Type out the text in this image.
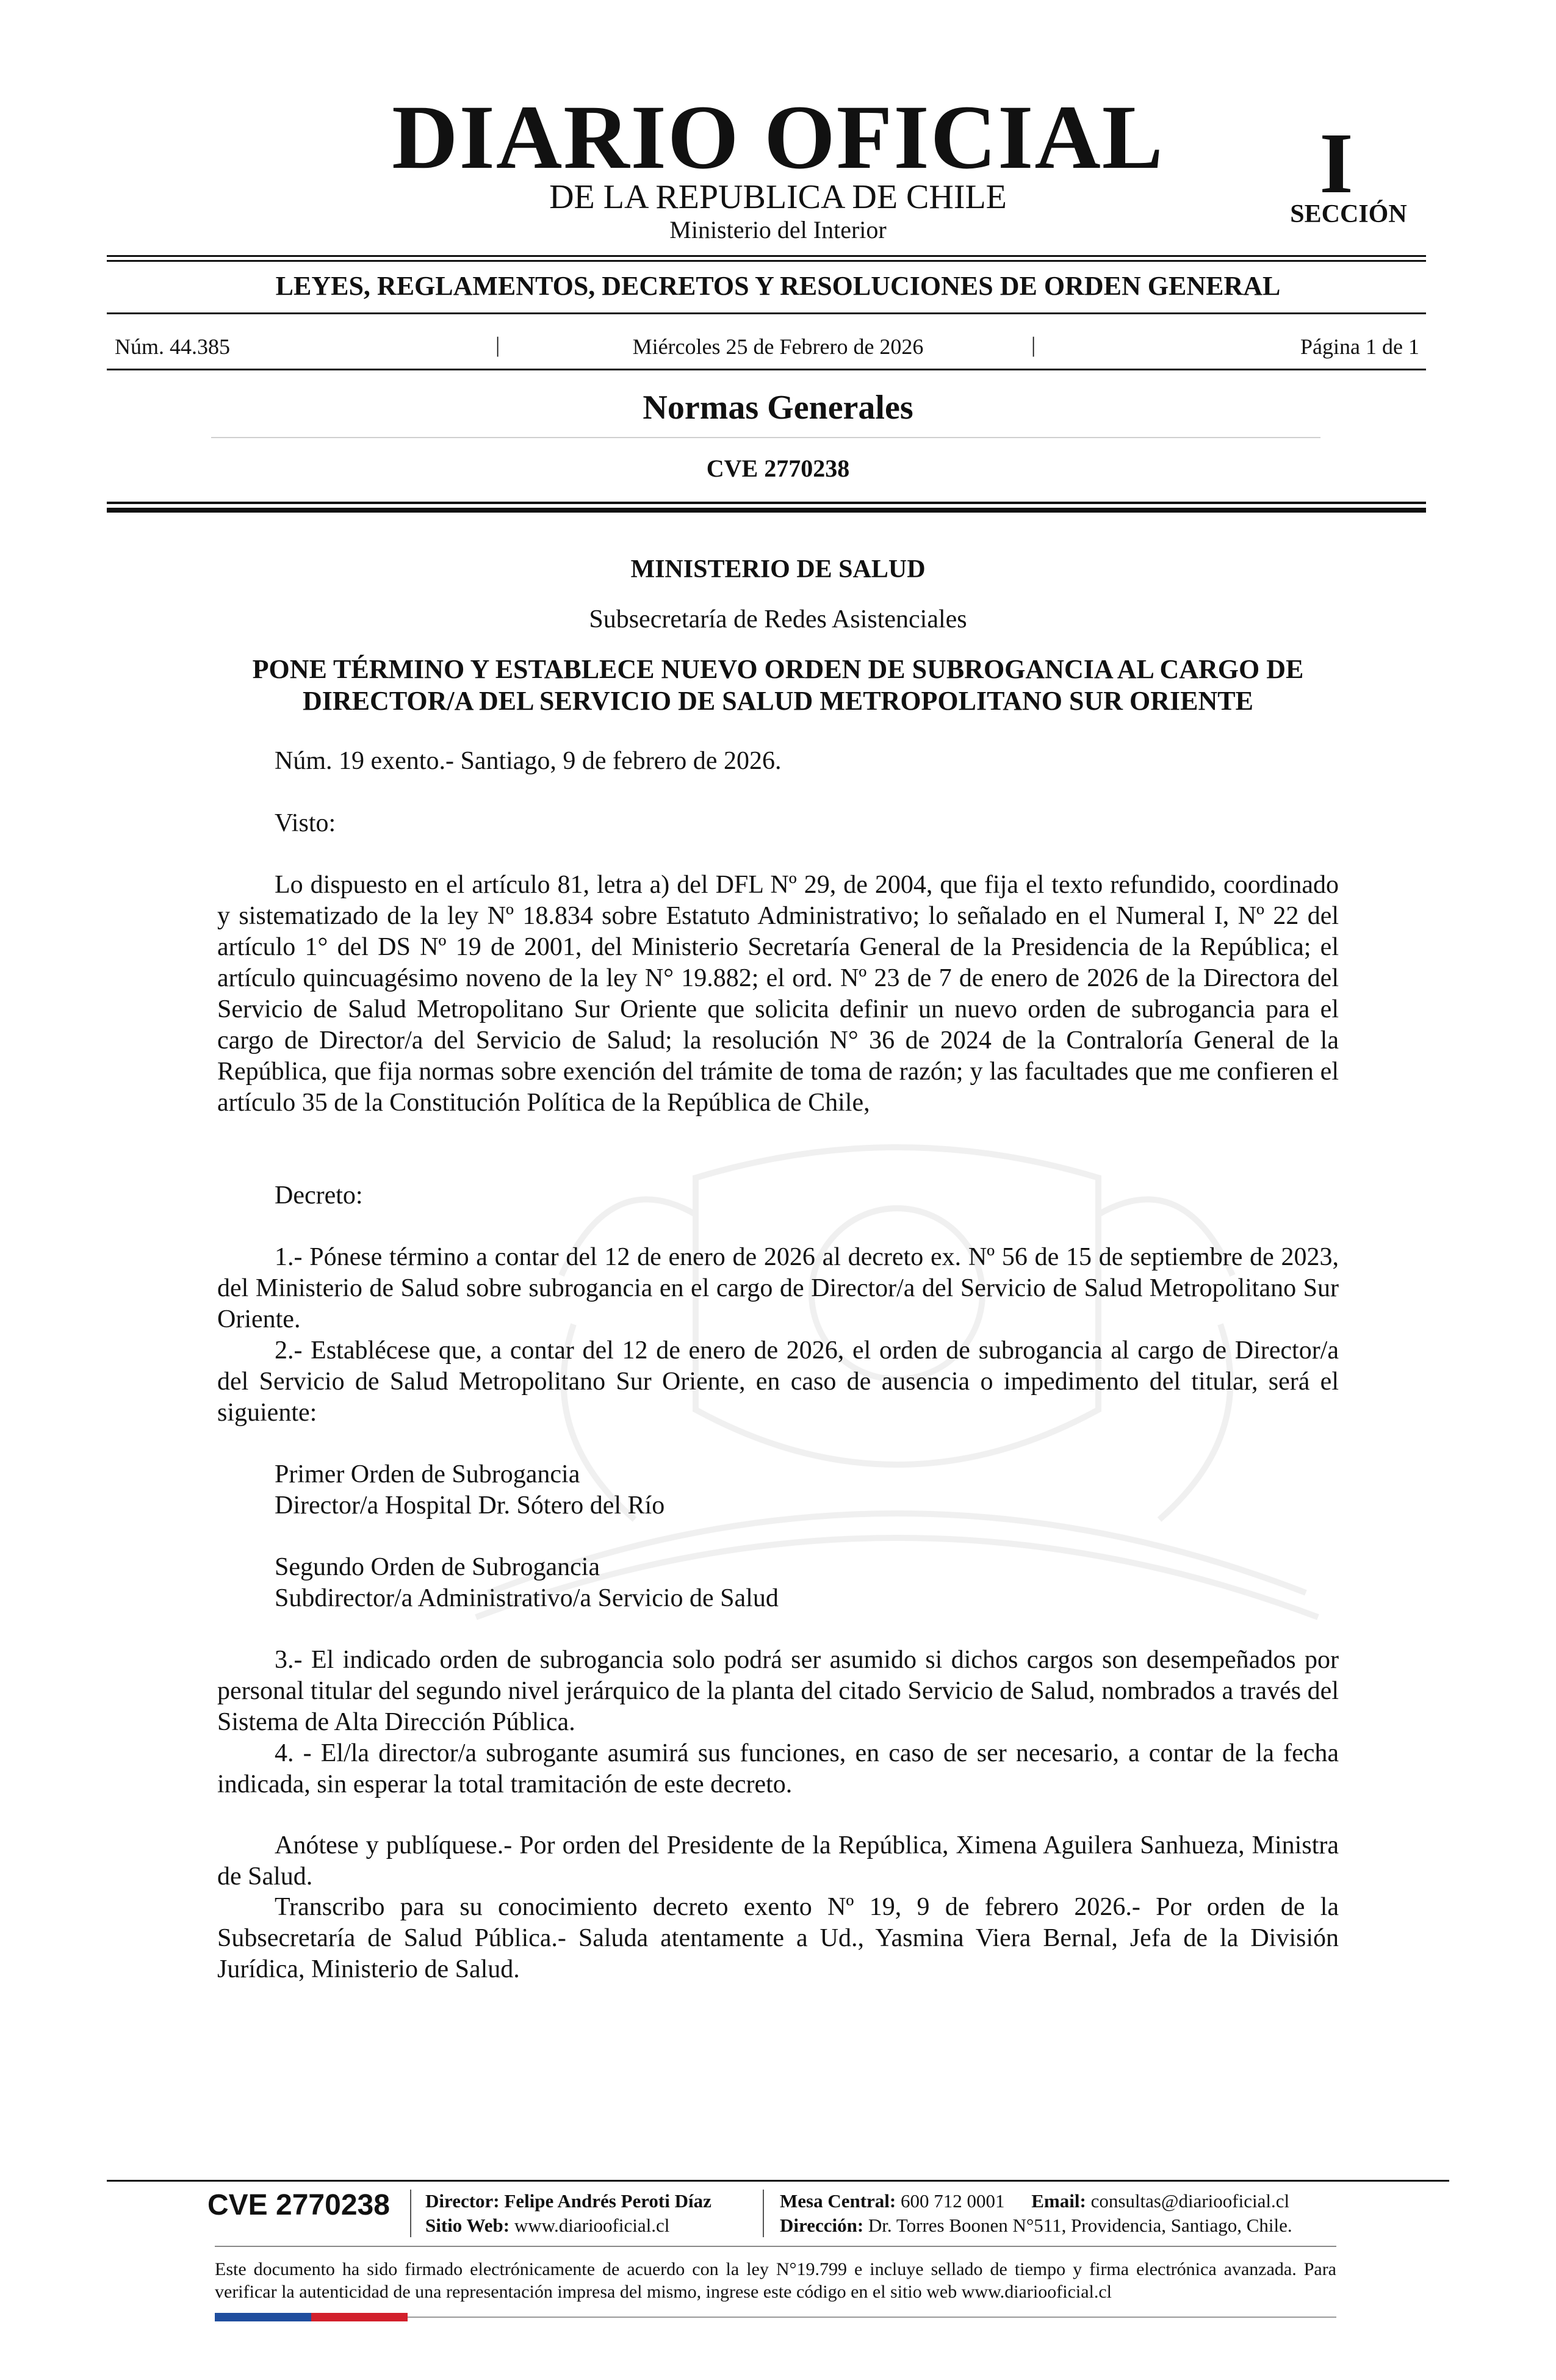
DIARIO OFICIAL
DE LA REPUBLICA DE CHILE
Ministerio del Interior
I
SECCIÓN
LEYES, REGLAMENTOS, DECRETOS Y RESOLUCIONES DE ORDEN GENERAL
Núm. 44.385	|	Miércoles 25 de Febrero de 2026	|	Página 1 de 1
Normas Generales
CVE 2770238
MINISTERIO DE SALUD
Subsecretaría de Redes Asistenciales
PONE TÉRMINO Y ESTABLECE NUEVO ORDEN DE SUBROGANCIA AL CARGO DE DIRECTOR/A DEL SERVICIO DE SALUD METROPOLITANO SUR ORIENTE
Núm. 19 exento.- Santiago, 9 de febrero de 2026.
Visto:

Lo dispuesto en el artículo 81, letra a) del DFL Nº 29, de 2004, que fija el texto refundido, coordinado y sistematizado de la ley Nº 18.834 sobre Estatuto Administrativo; lo señalado en el Numeral I, Nº 22 del artículo 1° del DS Nº 19 de 2001, del Ministerio Secretaría General de la Presidencia de la República; el artículo quincuagésimo noveno de la ley N° 19.882; el ord. Nº 23 de 7 de enero de 2026 de la Directora del Servicio de Salud Metropolitano Sur Oriente que solicita definir un nuevo orden de subrogancia para el cargo de Director/a del Servicio de Salud; la resolución N° 36 de 2024 de la Contraloría General de la República, que fija normas sobre exención del trámite de toma de razón; y las facultades que me confieren el artículo 35 de la Constitución Política de la República de Chile,

Decreto:

1.- Pónese término a contar del 12 de enero de 2026 al decreto ex. Nº 56 de 15 de septiembre de 2023, del Ministerio de Salud sobre subrogancia en el cargo de Director/a del Servicio de Salud Metropolitano Sur Oriente.

2.- Establécese que, a contar del 12 de enero de 2026, el orden de subrogancia al cargo de Director/a del Servicio de Salud Metropolitano Sur Oriente, en caso de ausencia o impedimento del titular, será el siguiente:

Primer Orden de Subrogancia
Director/a Hospital Dr. Sótero del Río
Segundo Orden de Subrogancia
Subdirector/a Administrativo/a Servicio de Salud

3.- El indicado orden de subrogancia solo podrá ser asumido si dichos cargos son desempeñados por personal titular del segundo nivel jerárquico de la planta del citado Servicio de Salud, nombrados a través del Sistema de Alta Dirección Pública.

4. - El/la director/a subrogante asumirá sus funciones, en caso de ser necesario, a contar de la fecha indicada, sin esperar la total tramitación de este decreto.

Anótese y publíquese.- Por orden del Presidente de la República, Ximena Aguilera Sanhueza, Ministra de Salud.

Transcribo para su conocimiento decreto exento Nº 19, 9 de febrero 2026.- Por orden de la Subsecretaría de Salud Pública.- Saluda atentamente a Ud., Yasmina Viera Bernal, Jefa de la División Jurídica, Ministerio de Salud.

CVE 2770238 Director: Felipe Andrés Peroti Díaz
Sitio Web: www.diariooficial.cl
Mesa Central: 600 712 0001 Email: consultas@diariooficial.cl
Dirección: Dr. Torres Boonen N°511, Providencia, Santiago, Chile.
Este documento ha sido firmado electrónicamente de acuerdo con la ley N°19.799 e incluye sellado de tiempo y firma electrónica avanzada. Para verificar la autenticidad de una representación impresa del mismo, ingrese este código en el sitio web www.diariooficial.cl
